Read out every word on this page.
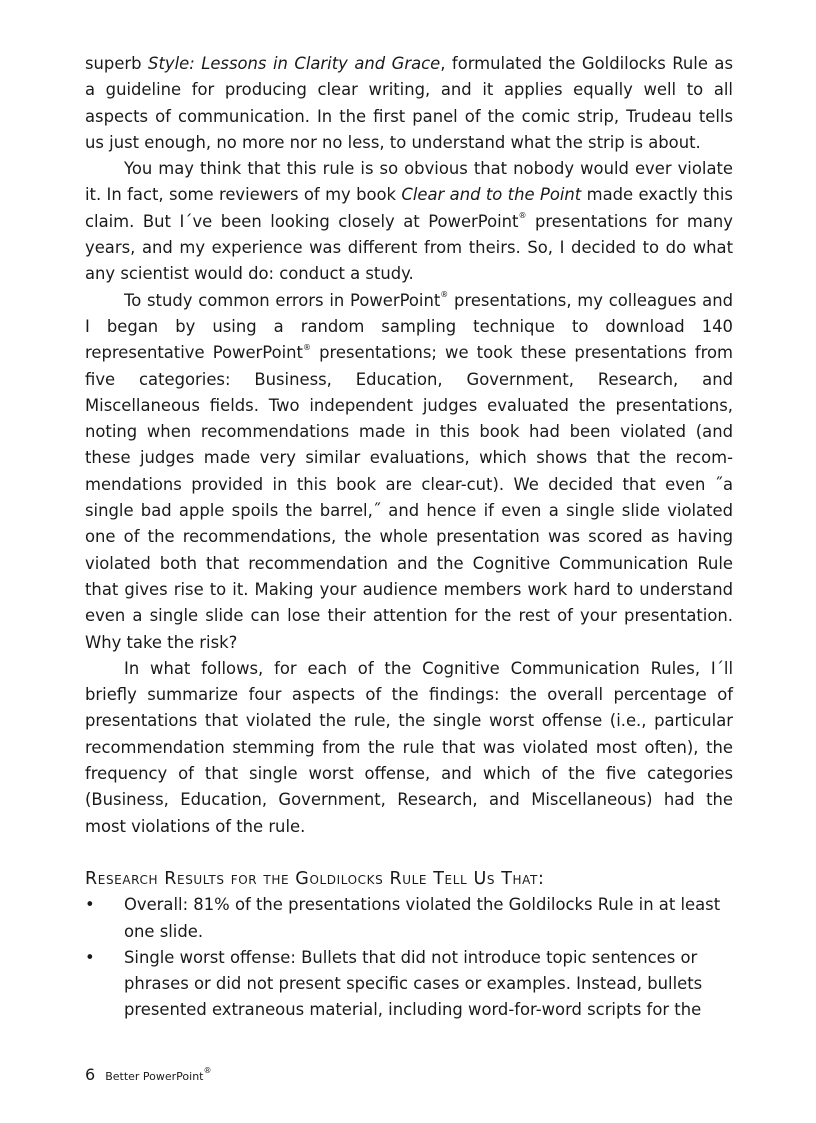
superb Style: Lessons in Clarity and Grace, formulated the Goldilocks Rule as a guideline for producing clear writing, and it applies equally well to all aspects of communication. In the first panel of the comic strip, Trudeau tells us just enough, no more nor no less, to understand what the strip is about.

You may think that this rule is so obvious that nobody would ever violate it. In fact, some reviewers of my book Clear and to the Point made exactly this claim. But I´ve been looking closely at PowerPoint® presentations for many years, and my experience was different from theirs. So, I decided to do what any scientist would do: conduct a study.

To study common errors in PowerPoint® presentations, my colleagues and I began by using a random sampling technique to download 140 representative PowerPoint® presentations; we took these presentations from five categories: Business, Education, Government, Research, and Miscellaneous fields. Two independent judges evaluated the presentations, noting when recommendations made in this book had been violated (and these judges made very similar evaluations, which shows that the recommendations provided in this book are clear-cut). We decided that even ˝a single bad apple spoils the barrel,˝ and hence if even a single slide violated one of the recommendations, the whole presentation was scored as having violated both that recommendation and the Cognitive Communication Rule that gives rise to it. Making your audience members work hard to understand even a single slide can lose their attention for the rest of your presentation. Why take the risk?

In what follows, for each of the Cognitive Communication Rules, I´ll briefly summarize four aspects of the findings: the overall percentage of presentations that violated the rule, the single worst offense (i.e., particular recommendation stemming from the rule that was violated most often), the frequency of that single worst offense, and which of the five categories (Business, Education, Government, Research, and Miscellaneous) had the most violations of the rule.

Research Results for the Goldilocks Rule Tell Us That:

• Overall: 81% of the presentations violated the Goldilocks Rule in at least one slide.
• Single worst offense: Bullets that did not introduce topic sentences or phrases or did not present specific cases or examples. Instead, bullets presented extraneous material, including word-for-word scripts for the
6 Better PowerPoint®
